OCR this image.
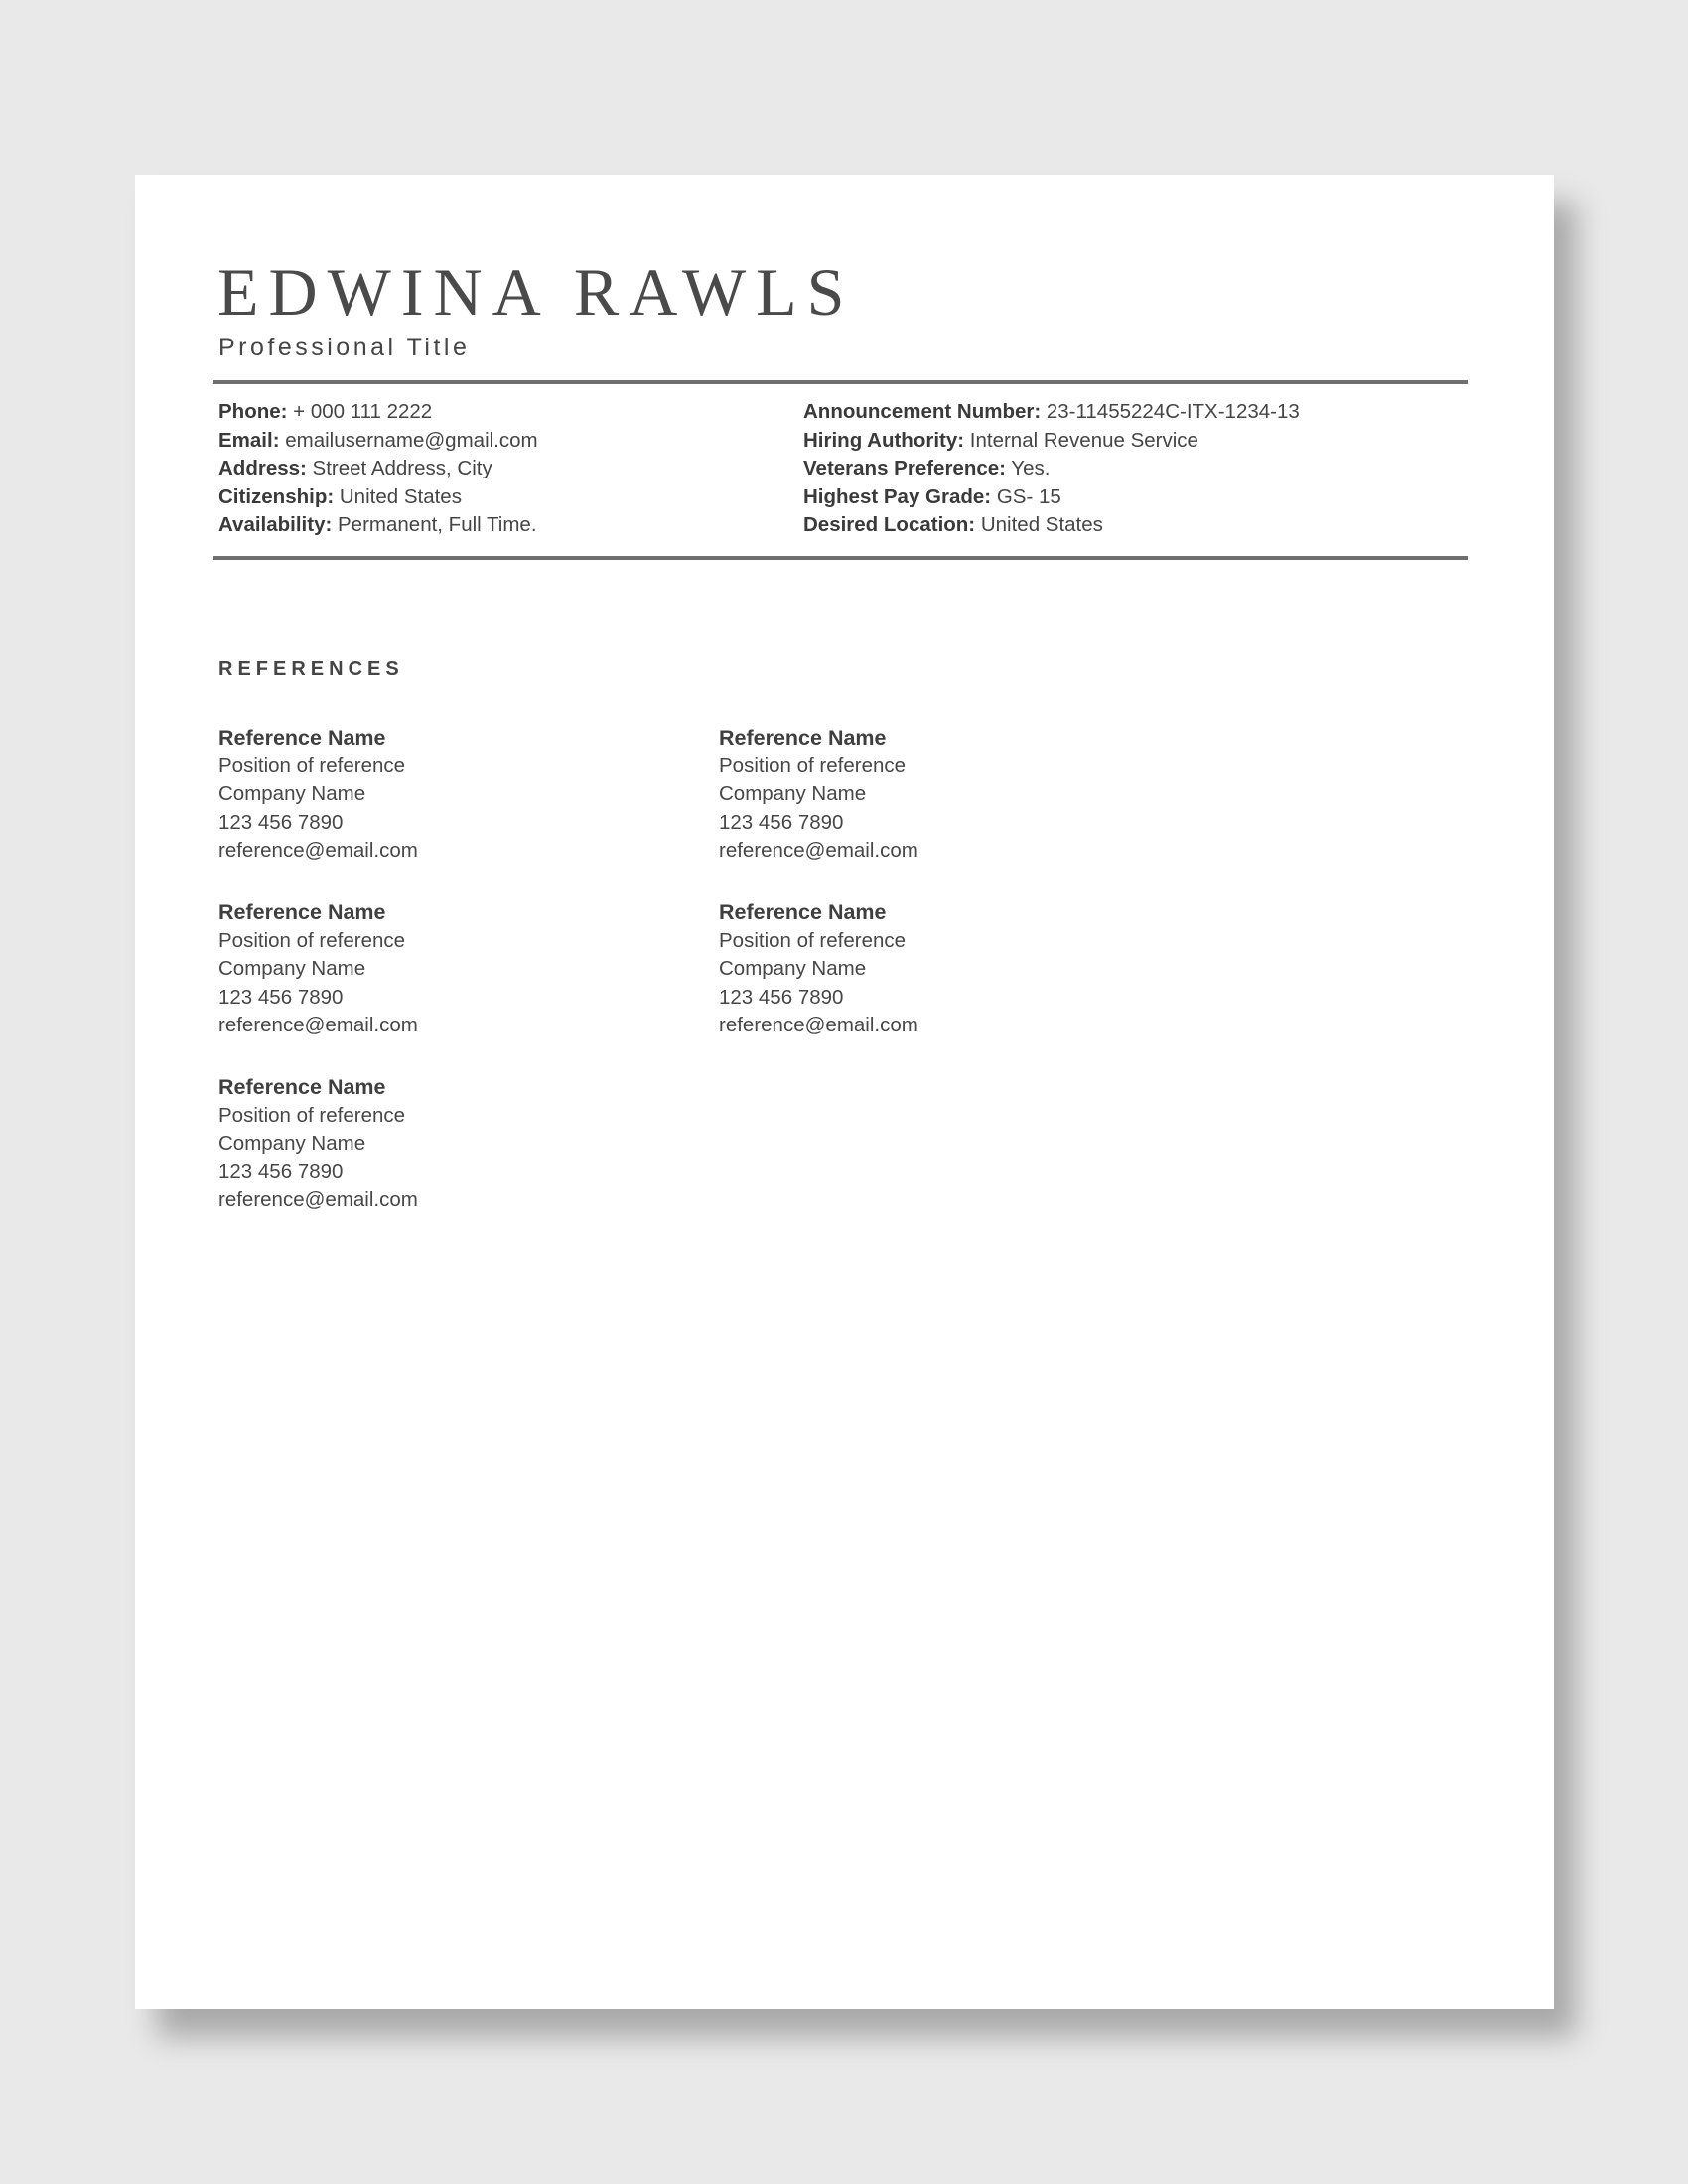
EDWINA RAWLS

Professional Title

Phone: + 000 111 2222
Email: emailusername@gmail.com
Address: Street Address, City
Citizenship: United States
Availability: Permanent, Full Time.
Announcement Number: 23-11455224C-ITX-1234-13
Hiring Authority: Internal Revenue Service
Veterans Preference: Yes.
Highest Pay Grade: GS- 15
Desired Location: United States
REFERENCES
Reference Name
Position of reference
Company Name
123 456 7890
reference@email.com
Reference Name
Position of reference
Company Name
123 456 7890
reference@email.com
Reference Name
Position of reference
Company Name
123 456 7890
reference@email.com
Reference Name
Position of reference
Company Name
123 456 7890
reference@email.com
Reference Name
Position of reference
Company Name
123 456 7890
reference@email.com
